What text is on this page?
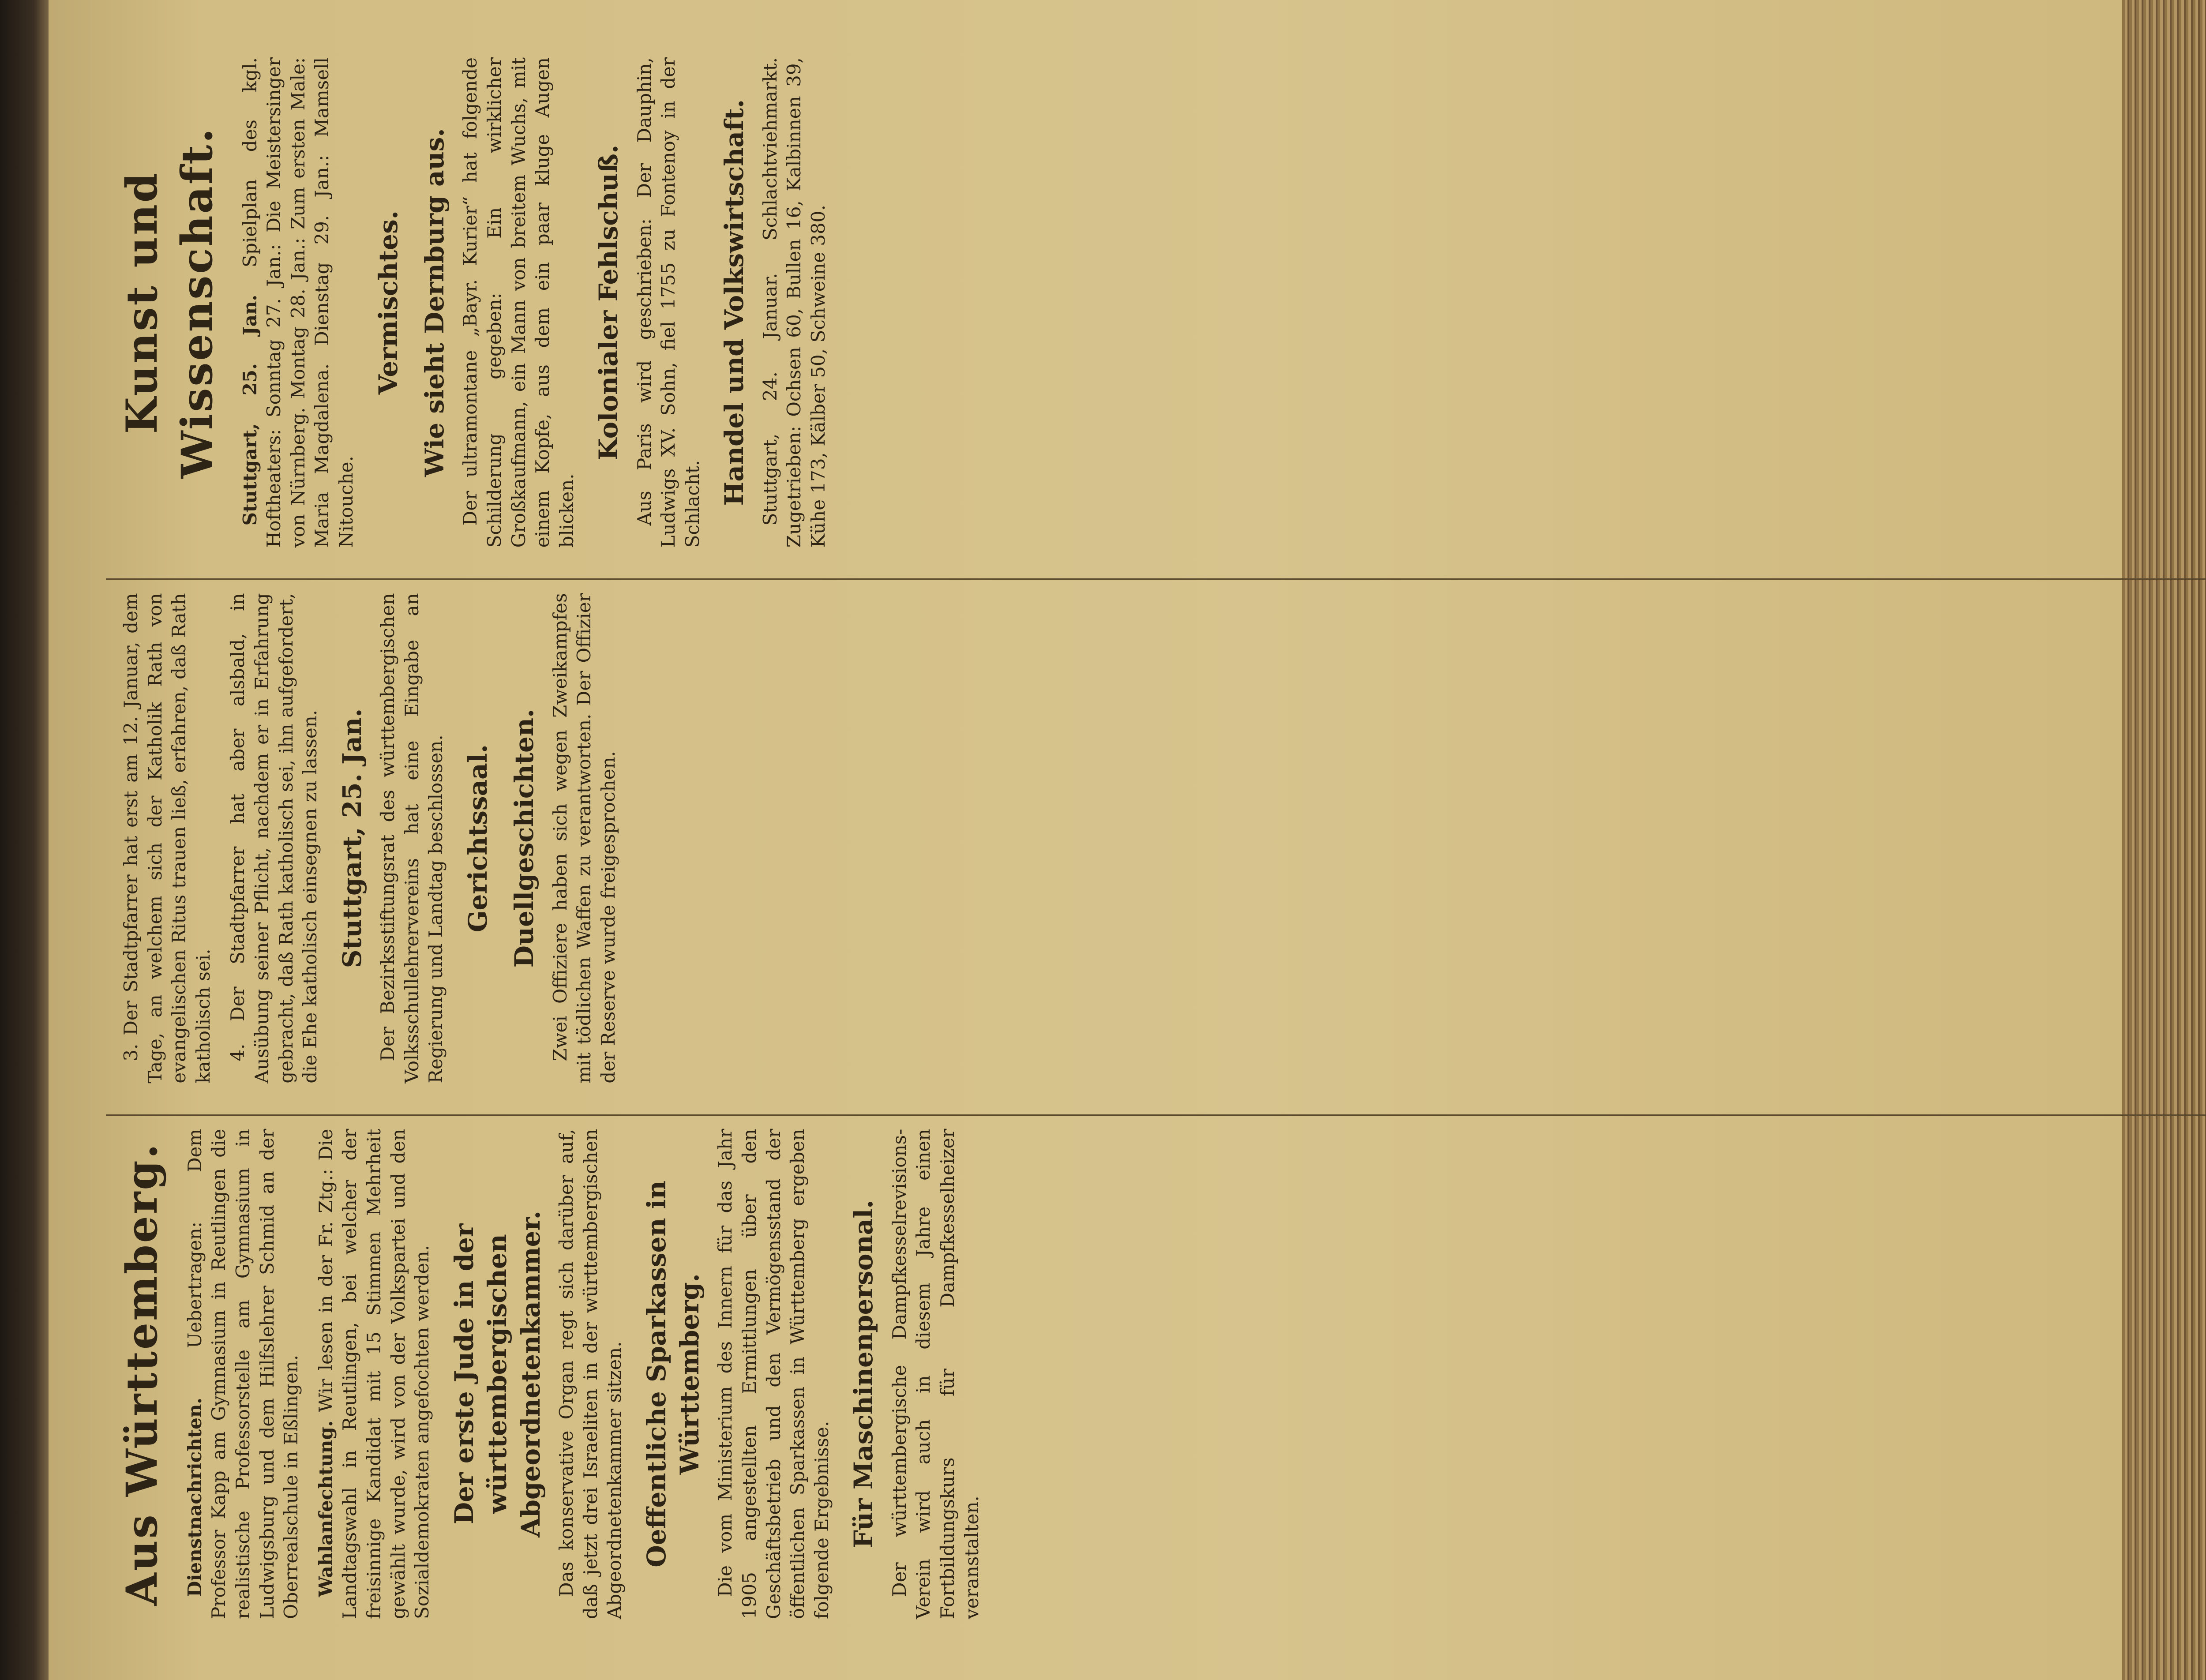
Aus Württemberg. Dienstnachrichten. Uebertragen: Dem Professor Kapp am Gymnasium in Reutlingen die realistische Professorstelle am Gymnasium in Ludwigsburg und dem Hilfslehrer Schmid an der Oberrealschule in Eßlingen. Wahlanfechtung. Wir lesen in der Fr. Ztg.: Die Landtagswahl in Reutlingen, bei welcher der freisinnige Kandidat mit 15 Stimmen Mehrheit gewählt wurde, wird von der Volkspartei und den Sozialdemokraten angefochten werden. Der erste Jude in der württembergischen Abgeordnetenkammer. Das konservative Organ regt sich darüber auf, daß jetzt drei Israeliten in der württembergischen Abgeordnetenkammer sitzen. Oeffentliche Sparkassen in Württemberg. Die vom Ministerium des Innern für das Jahr 1905 angestellten Ermittlungen über den Geschäftsbetrieb und den Vermögensstand der öffentlichen Sparkassen in Württemberg ergeben folgende Ergebnisse. Für Maschinenpersonal. Der württembergische Dampfkesselrevisions-Verein wird auch in diesem Jahre einen Fortbildungskurs für Dampfkesselheizer veranstalten.

3. Der Stadtpfarrer hat erst am 12. Januar, dem Tage, an welchem sich der Katholik Rath von evangelischen Ritus trauen ließ, erfahren, daß Rath katholisch sei. 4. Der Stadtpfarrer hat aber alsbald, in Ausübung seiner Pflicht, nachdem er in Erfahrung gebracht, daß Rath katholisch sei, ihn aufgefordert, die Ehe katholisch einsegnen zu lassen. Stuttgart, 25. Jan. Der Bezirksstiftungsrat des württembergischen Volksschullehrervereins hat eine Eingabe an Regierung und Landtag beschlossen. Gerichtssaal. Duellgeschichten. Zwei Offiziere haben sich wegen Zweikampfes mit tödlichen Waffen zu verantworten. Der Offizier der Reserve wurde freigesprochen.

Kunst und Wissenschaft. Stuttgart, 25. Jan. Spielplan des kgl. Hoftheaters: Sonntag 27. Jan.: Die Meistersinger von Nürnberg. Montag 28. Jan.: Zum ersten Male: Maria Magdalena. Dienstag 29. Jan.: Mamsell Nitouche.

Vermischtes. Wie sieht Dernburg aus. Der ultramontane „Bayr. Kurier“ hat folgende Schilderung gegeben: Ein wirklicher Großkaufmann, ein Mann von breitem Wuchs, mit einem Kopfe, aus dem ein paar kluge Augen blicken.

Kolonialer Fehlschuß. Aus Paris wird geschrieben: Der Dauphin, Ludwigs XV. Sohn, fiel 1755 zu Fontenoy in der Schlacht. Handel und Volkswirtschaft. Stuttgart, 24. Januar. Schlachtviehmarkt. Zugetrieben: Ochsen 60, Bullen 16, Kalbinnen 39, Kühe 173, Kälber 50, Schweine 380.
